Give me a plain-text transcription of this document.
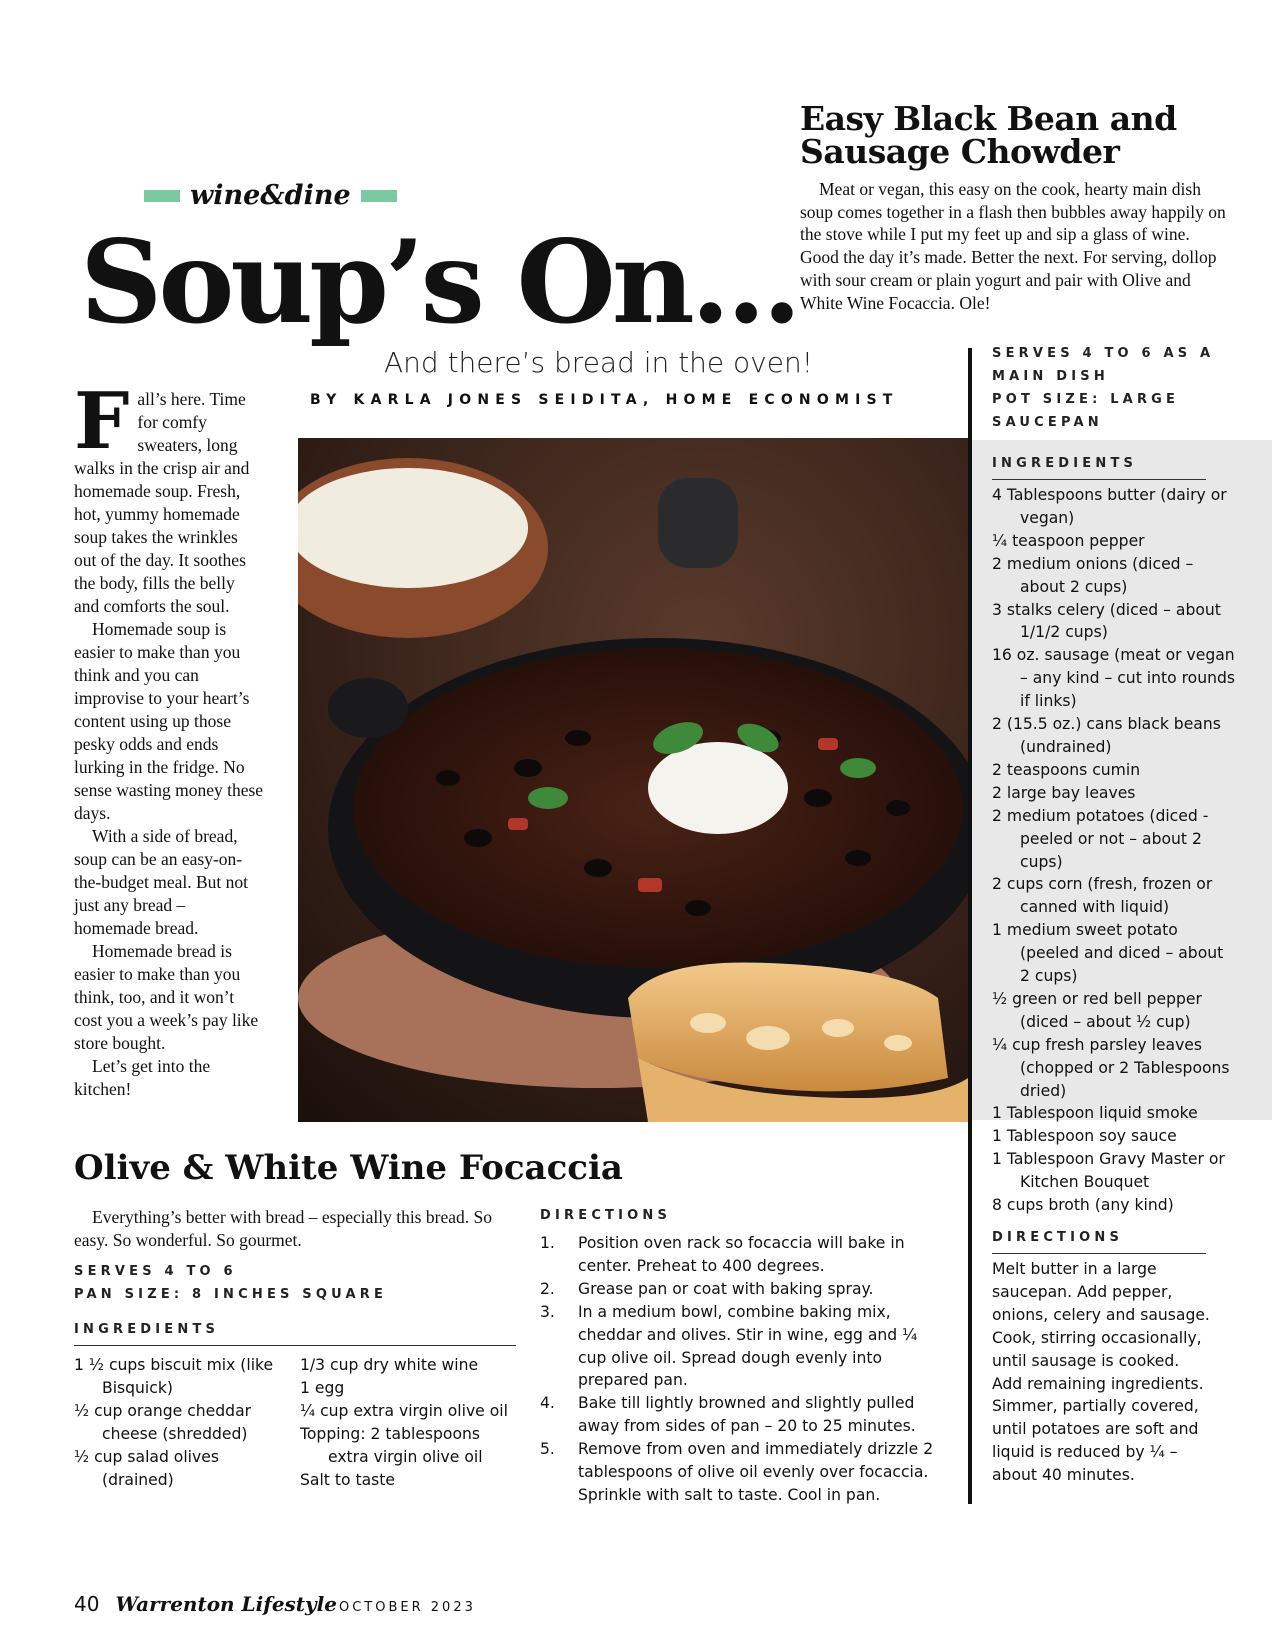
wine&dine
Soup’s On...
And there’s bread in the oven!
BY KARLA JONES SEIDITA, HOME ECONOMIST

Fall’s here. Time for comfy sweaters, long walks in the crisp air and homemade soup. Fresh, hot, yummy homemade soup takes the wrinkles out of the day. It soothes the body, fills the belly and comforts the soul.

Homemade soup is easier to make than you think and you can improvise to your heart’s content using up those pesky odds and ends lurking in the fridge. No sense wasting money these days.

With a side of bread, soup can be an easy-on-the-budget meal. But not just any bread – homemade bread.

Homemade bread is easier to make than you think, too, and it won’t cost you a week’s pay like store bought.

Let’s get into the kitchen!

Easy Black Bean and Sausage Chowder
Meat or vegan, this easy on the cook, hearty main dish soup comes together in a flash then bubbles away happily on the stove while I put my feet up and sip a glass of wine. Good the day it’s made. Better the next. For serving, dollop with sour cream or plain yogurt and pair with Olive and White Wine Focaccia. Ole!
SERVES 4 TO 6 AS A MAIN DISH
POT SIZE: LARGE SAUCEPAN
INGREDIENTS
4 Tablespoons butter (dairy or vegan)
¼ teaspoon pepper
2 medium onions (diced – about 2 cups)
3 stalks celery (diced – about 1/1/2 cups)
16 oz. sausage (meat or vegan – any kind – cut into rounds if links)
2 (15.5 oz.) cans black beans (undrained)
2 teaspoons cumin
2 large bay leaves
2 medium potatoes (diced - peeled or not – about 2 cups)
2 cups corn (fresh, frozen or canned with liquid)
1 medium sweet potato (peeled and diced – about 2 cups)
½ green or red bell pepper (diced – about ½ cup)
¼ cup fresh parsley leaves (chopped or 2 Tablespoons dried)
1 Tablespoon liquid smoke
1 Tablespoon soy sauce
1 Tablespoon Gravy Master or Kitchen Bouquet
8 cups broth (any kind)
DIRECTIONS
Melt butter in a large saucepan. Add pepper, onions, celery and sausage. Cook, stirring occasionally, until sausage is cooked. Add remaining ingredients. Simmer, partially covered, until potatoes are soft and liquid is reduced by ¼ – about 40 minutes.
Olive & White Wine Focaccia
Everything’s better with bread – especially this bread. So easy. So wonderful. So gourmet.
SERVES 4 TO 6
PAN SIZE: 8 INCHES SQUARE
INGREDIENTS
1 ½ cups biscuit mix (like Bisquick)
½ cup orange cheddar cheese (shredded)
½ cup salad olives (drained)
1/3 cup dry white wine
1 egg
¼ cup extra virgin olive oil
Topping: 2 tablespoons extra virgin olive oil
Salt to taste
DIRECTIONS
1.	Position oven rack so focaccia will bake in center. Preheat to 400 degrees.
2.	Grease pan or coat with baking spray.
3.	In a medium bowl, combine baking mix, cheddar and olives. Stir in wine, egg and ¼ cup olive oil. Spread dough evenly into prepared pan.
4.	Bake till lightly browned and slightly pulled away from sides of pan – 20 to 25 minutes.
5.	Remove from oven and immediately drizzle 2 tablespoons of olive oil evenly over focaccia. Sprinkle with salt to taste. Cool in pan.
40 Warrenton Lifestyle OCTOBER 2023
